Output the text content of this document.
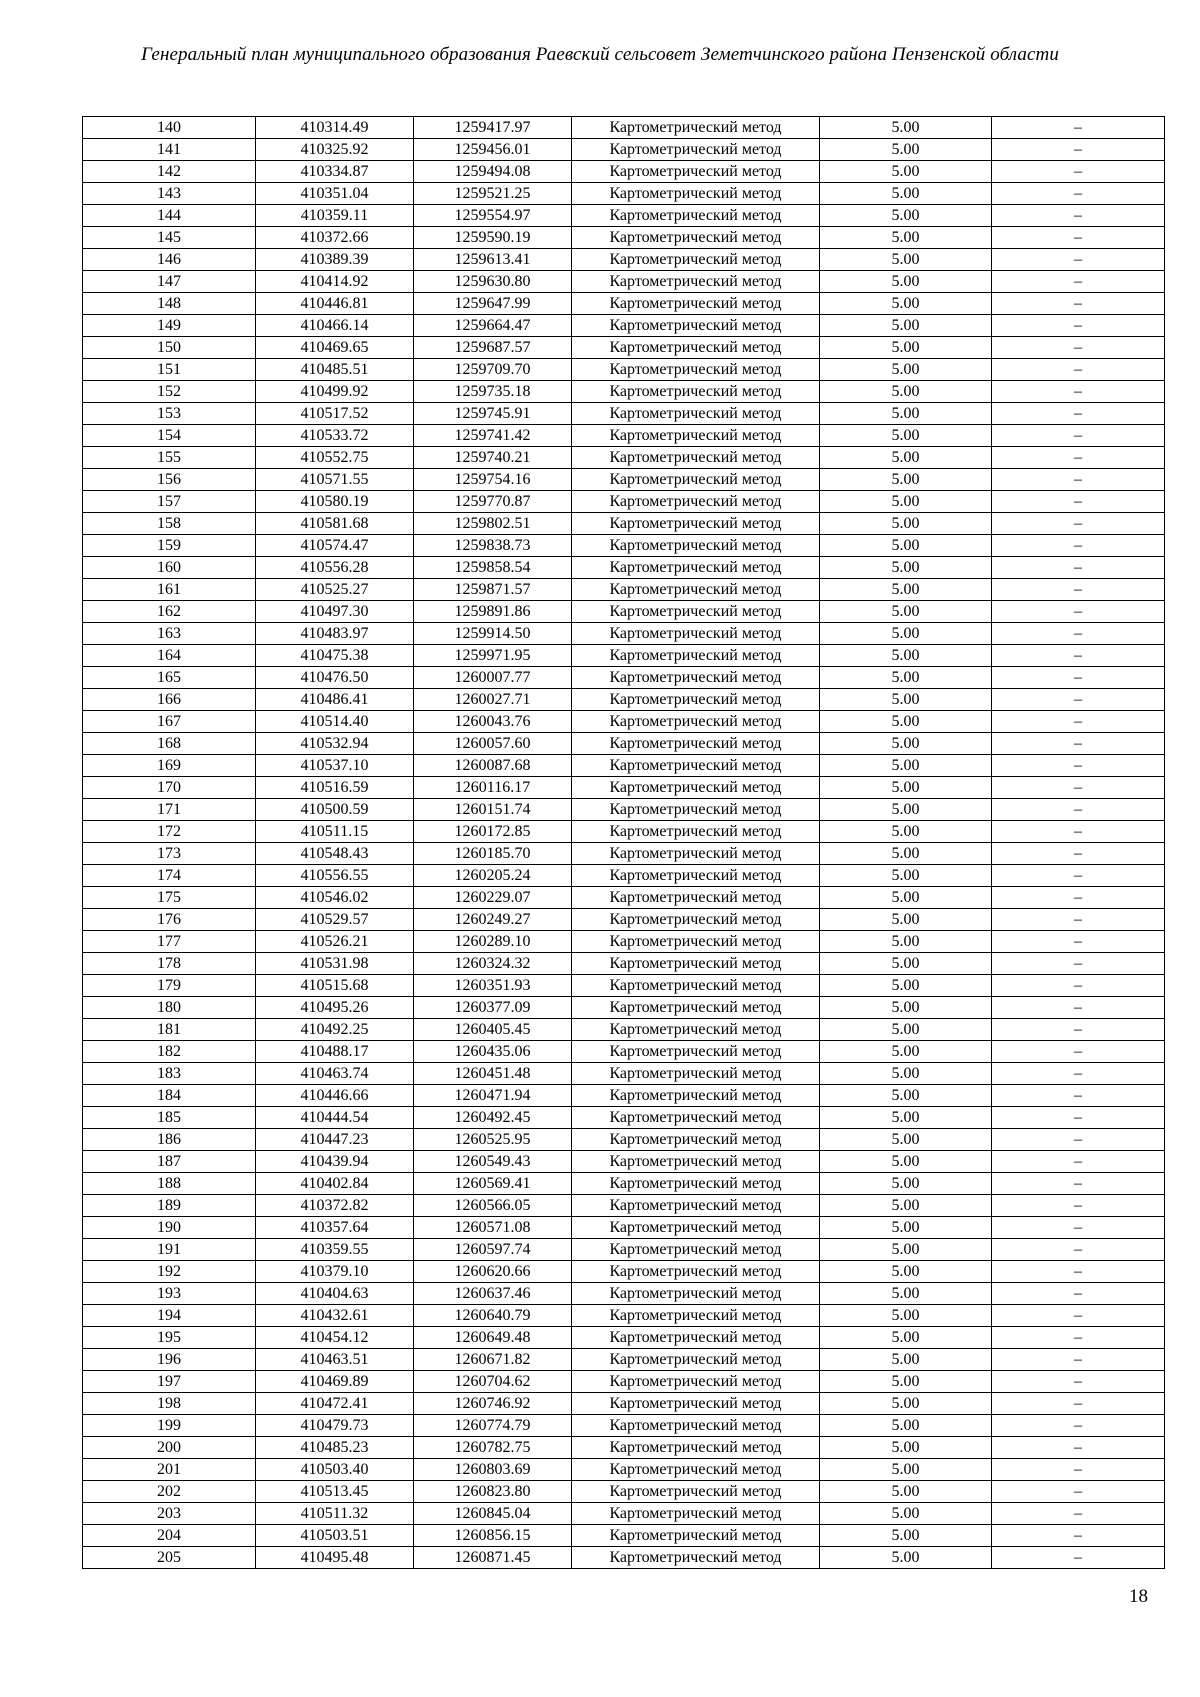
Генеральный план муниципального образования Раевский сельсовет Земетчинского района Пензенской области
140	410314.49	1259417.97	Картометрический метод	5.00	–
141	410325.92	1259456.01	Картометрический метод	5.00	–
142	410334.87	1259494.08	Картометрический метод	5.00	–
143	410351.04	1259521.25	Картометрический метод	5.00	–
144	410359.11	1259554.97	Картометрический метод	5.00	–
145	410372.66	1259590.19	Картометрический метод	5.00	–
146	410389.39	1259613.41	Картометрический метод	5.00	–
147	410414.92	1259630.80	Картометрический метод	5.00	–
148	410446.81	1259647.99	Картометрический метод	5.00	–
149	410466.14	1259664.47	Картометрический метод	5.00	–
150	410469.65	1259687.57	Картометрический метод	5.00	–
151	410485.51	1259709.70	Картометрический метод	5.00	–
152	410499.92	1259735.18	Картометрический метод	5.00	–
153	410517.52	1259745.91	Картометрический метод	5.00	–
154	410533.72	1259741.42	Картометрический метод	5.00	–
155	410552.75	1259740.21	Картометрический метод	5.00	–
156	410571.55	1259754.16	Картометрический метод	5.00	–
157	410580.19	1259770.87	Картометрический метод	5.00	–
158	410581.68	1259802.51	Картометрический метод	5.00	–
159	410574.47	1259838.73	Картометрический метод	5.00	–
160	410556.28	1259858.54	Картометрический метод	5.00	–
161	410525.27	1259871.57	Картометрический метод	5.00	–
162	410497.30	1259891.86	Картометрический метод	5.00	–
163	410483.97	1259914.50	Картометрический метод	5.00	–
164	410475.38	1259971.95	Картометрический метод	5.00	–
165	410476.50	1260007.77	Картометрический метод	5.00	–
166	410486.41	1260027.71	Картометрический метод	5.00	–
167	410514.40	1260043.76	Картометрический метод	5.00	–
168	410532.94	1260057.60	Картометрический метод	5.00	–
169	410537.10	1260087.68	Картометрический метод	5.00	–
170	410516.59	1260116.17	Картометрический метод	5.00	–
171	410500.59	1260151.74	Картометрический метод	5.00	–
172	410511.15	1260172.85	Картометрический метод	5.00	–
173	410548.43	1260185.70	Картометрический метод	5.00	–
174	410556.55	1260205.24	Картометрический метод	5.00	–
175	410546.02	1260229.07	Картометрический метод	5.00	–
176	410529.57	1260249.27	Картометрический метод	5.00	–
177	410526.21	1260289.10	Картометрический метод	5.00	–
178	410531.98	1260324.32	Картометрический метод	5.00	–
179	410515.68	1260351.93	Картометрический метод	5.00	–
180	410495.26	1260377.09	Картометрический метод	5.00	–
181	410492.25	1260405.45	Картометрический метод	5.00	–
182	410488.17	1260435.06	Картометрический метод	5.00	–
183	410463.74	1260451.48	Картометрический метод	5.00	–
184	410446.66	1260471.94	Картометрический метод	5.00	–
185	410444.54	1260492.45	Картометрический метод	5.00	–
186	410447.23	1260525.95	Картометрический метод	5.00	–
187	410439.94	1260549.43	Картометрический метод	5.00	–
188	410402.84	1260569.41	Картометрический метод	5.00	–
189	410372.82	1260566.05	Картометрический метод	5.00	–
190	410357.64	1260571.08	Картометрический метод	5.00	–
191	410359.55	1260597.74	Картометрический метод	5.00	–
192	410379.10	1260620.66	Картометрический метод	5.00	–
193	410404.63	1260637.46	Картометрический метод	5.00	–
194	410432.61	1260640.79	Картометрический метод	5.00	–
195	410454.12	1260649.48	Картометрический метод	5.00	–
196	410463.51	1260671.82	Картометрический метод	5.00	–
197	410469.89	1260704.62	Картометрический метод	5.00	–
198	410472.41	1260746.92	Картометрический метод	5.00	–
199	410479.73	1260774.79	Картометрический метод	5.00	–
200	410485.23	1260782.75	Картометрический метод	5.00	–
201	410503.40	1260803.69	Картометрический метод	5.00	–
202	410513.45	1260823.80	Картометрический метод	5.00	–
203	410511.32	1260845.04	Картометрический метод	5.00	–
204	410503.51	1260856.15	Картометрический метод	5.00	–
205	410495.48	1260871.45	Картометрический метод	5.00	–
18
